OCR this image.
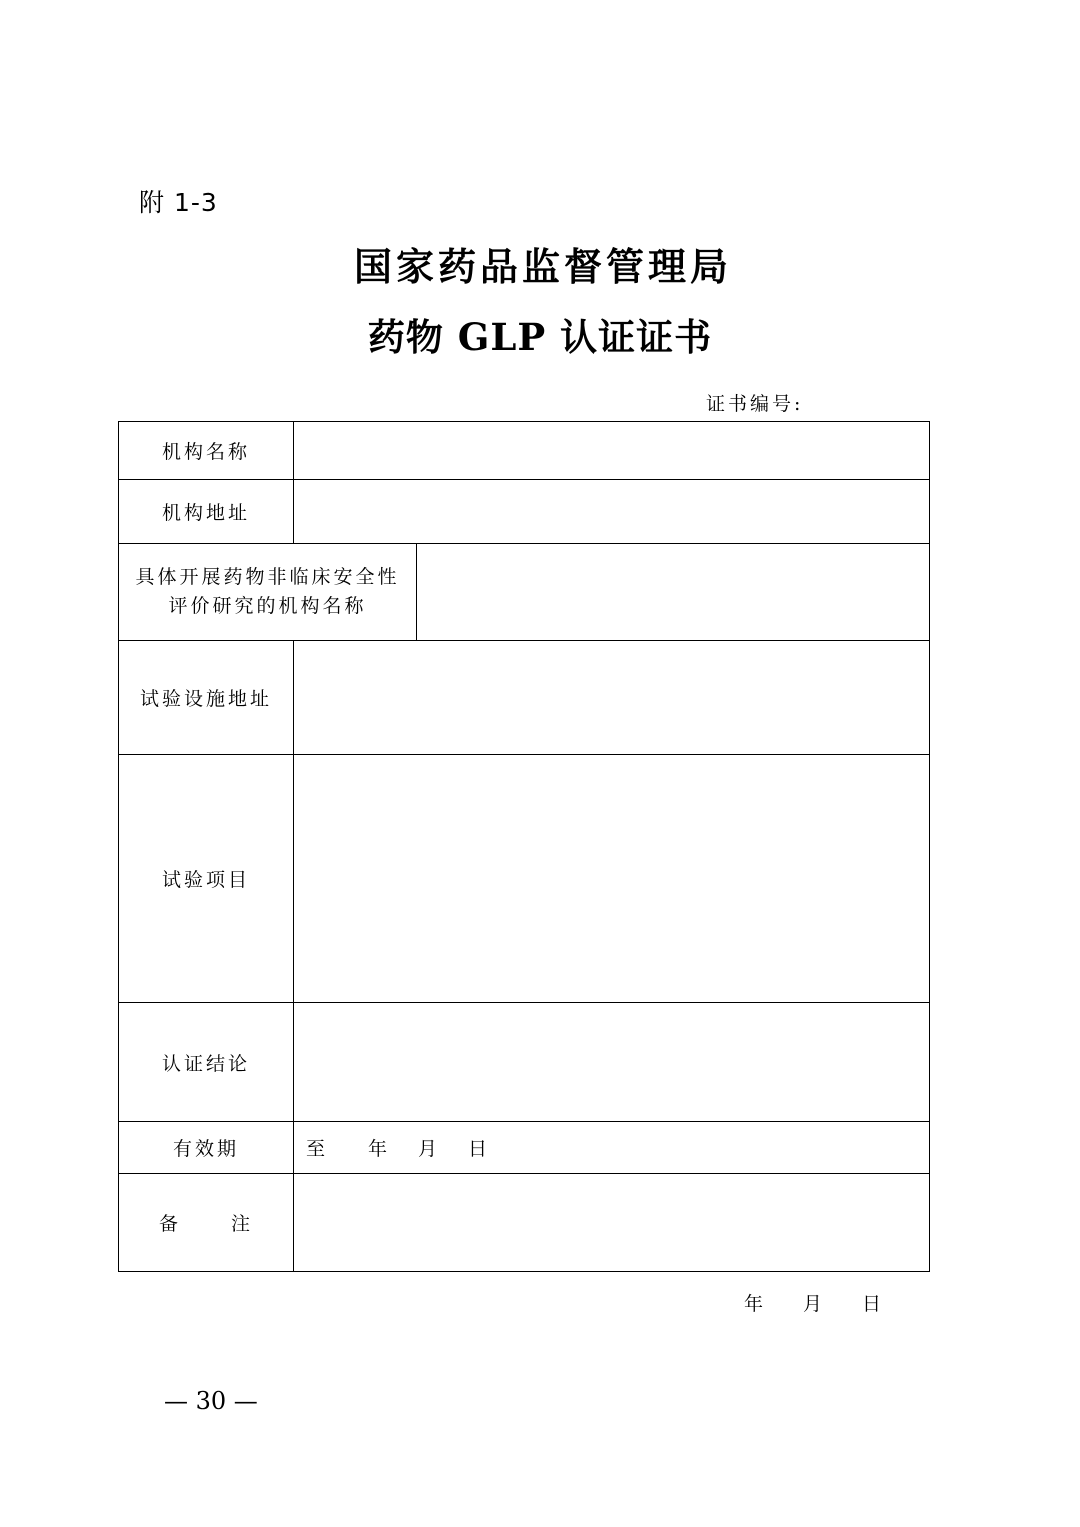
附 1-3
国家药品监督管理局
药物 GLP 认证证书
证书编号:
机构名称		
机构地址		

具体开展药物非临床安全性
评价研究的机构名称		

试验设施地址		
试验项目		
认证结论		
有效期	至 年 月 日	
备 注		
年 月 日
— 30 —
